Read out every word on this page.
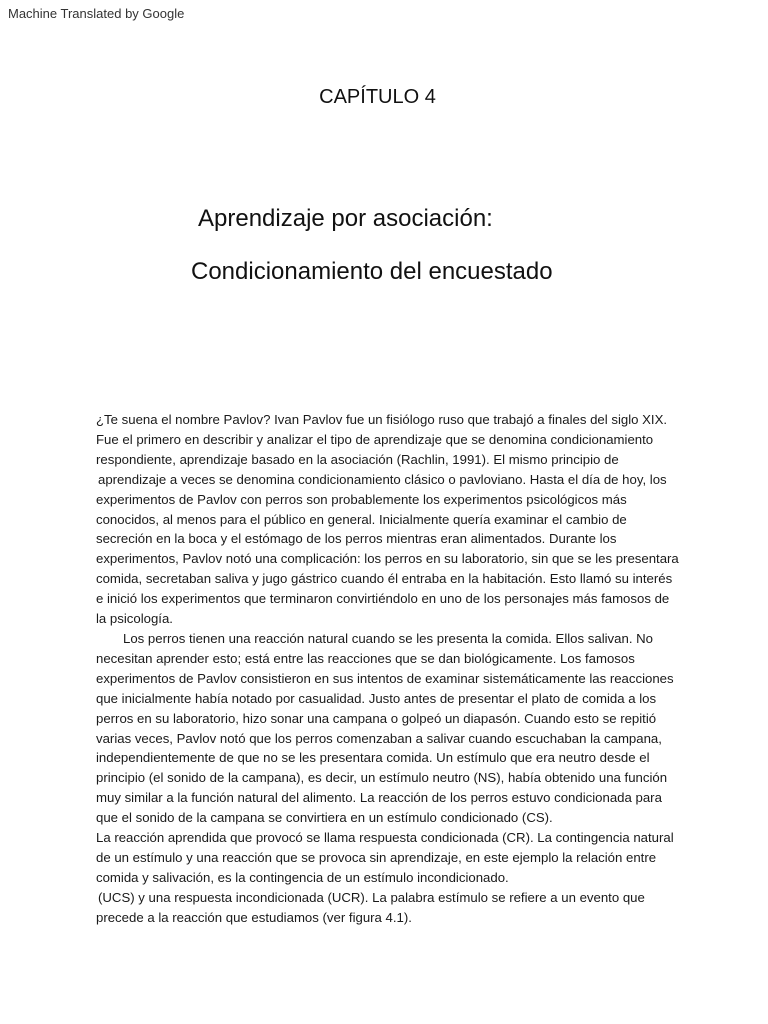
Machine Translated by Google
CAPÍTULO 4
Aprendizaje por asociación:
Condicionamiento del encuestado
¿Te suena el nombre Pavlov? Ivan Pavlov fue un fisiólogo ruso que trabajó a finales del siglo XIX.
Fue el primero en describir y analizar el tipo de aprendizaje que se denomina condicionamiento
respondiente, aprendizaje basado en la asociación (Rachlin, 1991). El mismo principio de
aprendizaje a veces se denomina condicionamiento clásico o pavloviano. Hasta el día de hoy, los
experimentos de Pavlov con perros son probablemente los experimentos psicológicos más
conocidos, al menos para el público en general. Inicialmente quería examinar el cambio de
secreción en la boca y el estómago de los perros mientras eran alimentados. Durante los
experimentos, Pavlov notó una complicación: los perros en su laboratorio, sin que se les presentara
comida, secretaban saliva y jugo gástrico cuando él entraba en la habitación. Esto llamó su interés
e inició los experimentos que terminaron convirtiéndolo en uno de los personajes más famosos de
la psicología.
Los perros tienen una reacción natural cuando se les presenta la comida. Ellos salivan. No
necesitan aprender esto; está entre las reacciones que se dan biológicamente. Los famosos
experimentos de Pavlov consistieron en sus intentos de examinar sistemáticamente las reacciones
que inicialmente había notado por casualidad. Justo antes de presentar el plato de comida a los
perros en su laboratorio, hizo sonar una campana o golpeó un diapasón. Cuando esto se repitió
varias veces, Pavlov notó que los perros comenzaban a salivar cuando escuchaban la campana,
independientemente de que no se les presentara comida. Un estímulo que era neutro desde el
principio (el sonido de la campana), es decir, un estímulo neutro (NS), había obtenido una función
muy similar a la función natural del alimento. La reacción de los perros estuvo condicionada para
que el sonido de la campana se convirtiera en un estímulo condicionado (CS).
La reacción aprendida que provocó se llama respuesta condicionada (CR). La contingencia natural
de un estímulo y una reacción que se provoca sin aprendizaje, en este ejemplo la relación entre
comida y salivación, es la contingencia de un estímulo incondicionado.
(UCS) y una respuesta incondicionada (UCR). La palabra estímulo se refiere a un evento que
precede a la reacción que estudiamos (ver figura 4.1).
